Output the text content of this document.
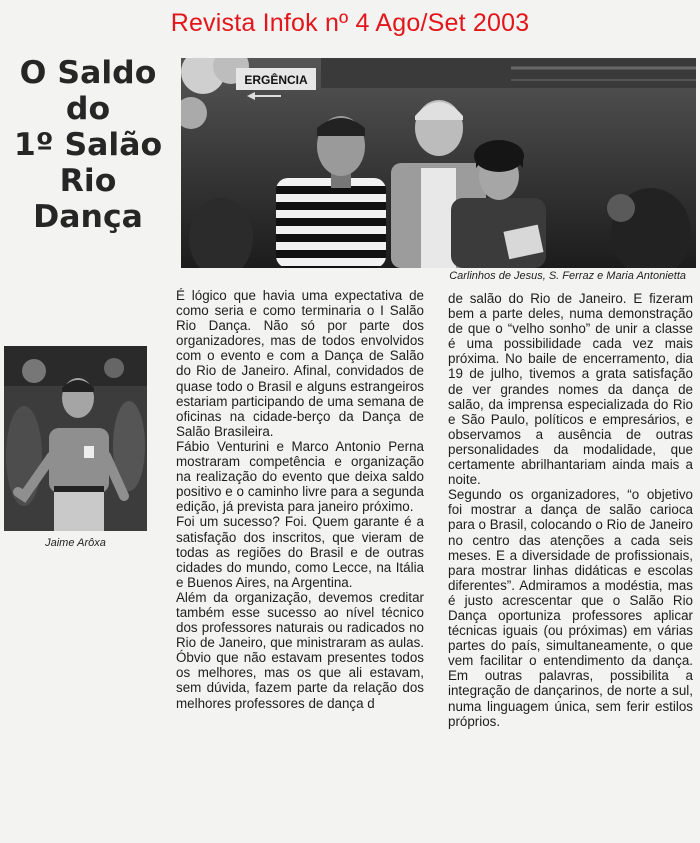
Revista Infok nº 4 Ago/Set 2003
O Saldo
do
1º Salão
Rio
Dança
ERGÊNCIA
Carlinhos de Jesus, S. Ferraz e Maria Antonietta
Jaime Arôxa

É lógico que havia uma expectativa de como seria e como terminaria o I Salão Rio Dança. Não só por parte dos organizadores, mas de todos envolvidos com o evento e com a Dança de Salão do Rio de Janeiro. Afinal, convidados de quase todo o Brasil e alguns estrangeiros estariam participando de uma semana de oficinas na cidade-berço da Dança de Salão Brasileira.

Fábio Venturini e Marco Antonio Perna mostraram competência e organização na realização do evento que deixa saldo positivo e o caminho livre para a segunda edição, já prevista para janeiro próximo.

Foi um sucesso? Foi. Quem garante é a satisfação dos inscritos, que vieram de todas as regiões do Brasil e de outras cidades do mundo, como Lecce, na Itália e Buenos Aires, na Argentina.

Além da organização, devemos creditar também esse sucesso ao nível técnico dos professores naturais ou radicados no Rio de Janeiro, que ministraram as aulas. Óbvio que não estavam presentes todos os melhores, mas os que ali estavam, sem dúvida, fazem parte da relação dos melhores professores de dança d

de salão do Rio de Janeiro. E fizeram bem a parte deles, numa demonstração de que o “velho sonho” de unir a classe é uma possibilidade cada vez mais próxima. No baile de encerramento, dia 19 de julho, tivemos a grata satisfação de ver grandes nomes da dança de salão, da imprensa especializada do Rio e São Paulo, políticos e empresários, e observamos a ausência de outras personalidades da modalidade, que certamente abrilhantariam ainda mais a noite.

Segundo os organizadores, “o objetivo foi mostrar a dança de salão carioca para o Brasil, colocando o Rio de Janeiro no centro das atenções a cada seis meses. E a diversidade de profissionais, para mostrar linhas didáticas e escolas diferentes”. Admiramos a modéstia, mas é justo acrescentar que o Salão Rio Dança oportuniza professores aplicar técnicas iguais (ou próximas) em várias partes do país, simultaneamente, o que vem facilitar o entendimento da dança. Em outras palavras, possibilita a integração de dançarinos, de norte a sul, numa linguagem única, sem ferir estilos próprios.
